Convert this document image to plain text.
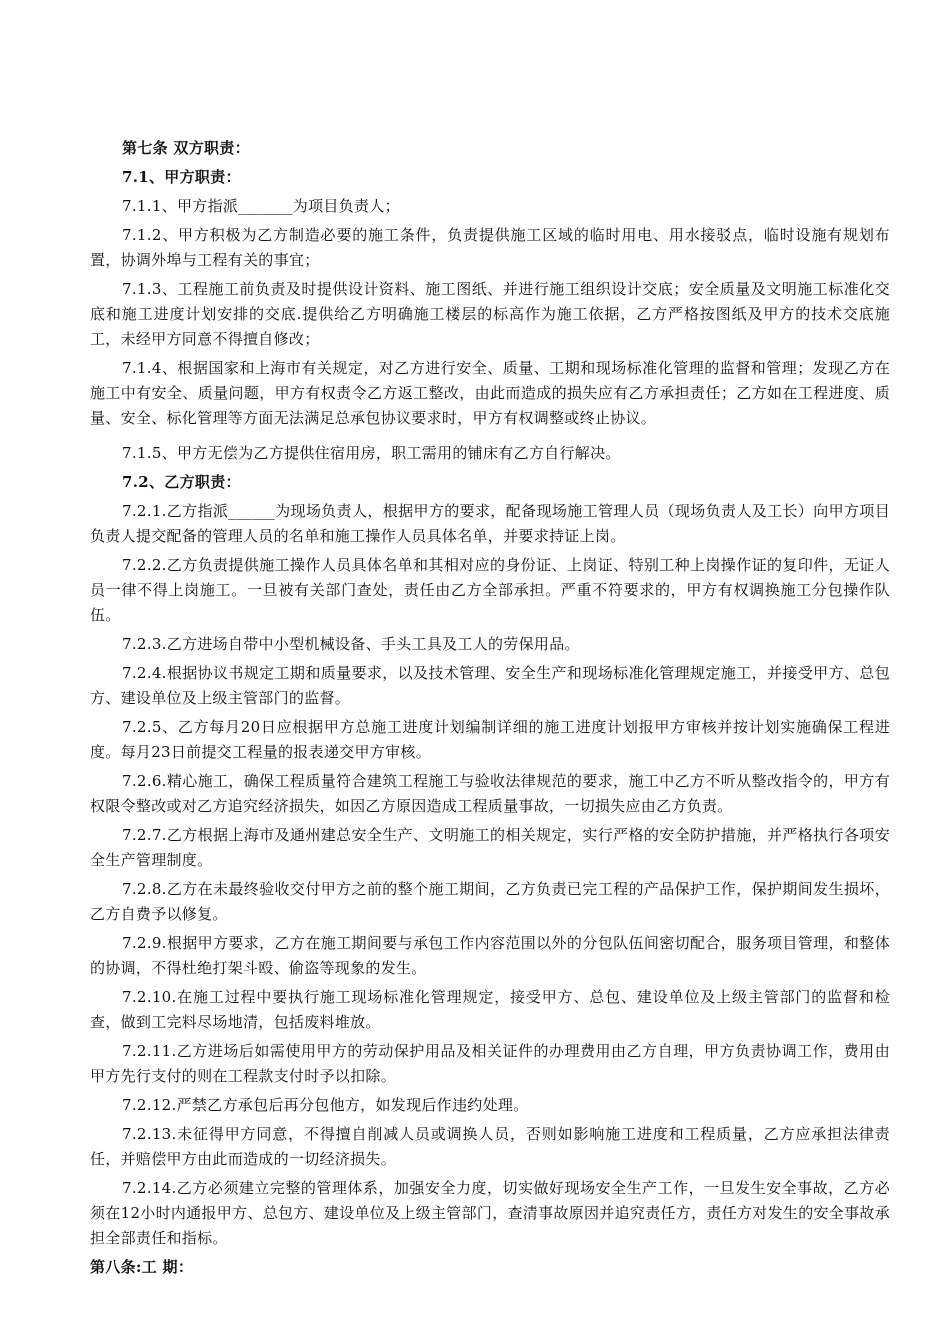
第七条 双方职责：

7.1、甲方职责：

7.1.1、甲方指派_______为项目负责人；

7.1.2、甲方积极为乙方制造必要的施工条件，负责提供施工区域的临时用电、用水接驳点，临时设施有规划布置，协调外埠与工程有关的事宜；

7.1.3、工程施工前负责及时提供设计资料、施工图纸、并进行施工组织设计交底；安全质量及文明施工标准化交底和施工进度计划安排的交底.提供给乙方明确施工楼层的标高作为施工依据，乙方严格按图纸及甲方的技术交底施工，未经甲方同意不得擅自修改；

7.1.4、根据国家和上海市有关规定，对乙方进行安全、质量、工期和现场标准化管理的监督和管理；发现乙方在施工中有安全、质量问题，甲方有权责令乙方返工整改，由此而造成的损失应有乙方承担责任；乙方如在工程进度、质量、安全、标化管理等方面无法满足总承包协议要求时，甲方有权调整或终止协议。

7.1.5、甲方无偿为乙方提供住宿用房，职工需用的铺床有乙方自行解决。

7.2、乙方职责：

7.2.1.乙方指派______为现场负责人，根据甲方的要求，配备现场施工管理人员（现场负责人及工长）向甲方项目负责人提交配备的管理人员的名单和施工操作人员具体名单，并要求持证上岗。

7.2.2.乙方负责提供施工操作人员具体名单和其相对应的身份证、上岗证、特别工种上岗操作证的复印件，无证人员一律不得上岗施工。一旦被有关部门查处，责任由乙方全部承担。严重不符要求的，甲方有权调换施工分包操作队伍。

7.2.3.乙方进场自带中小型机械设备、手头工具及工人的劳保用品。

7.2.4.根据协议书规定工期和质量要求，以及技术管理、安全生产和现场标准化管理规定施工，并接受甲方、总包方、建设单位及上级主管部门的监督。

7.2.5、乙方每月20日应根据甲方总施工进度计划编制详细的施工进度计划报甲方审核并按计划实施确保工程进度。每月23日前提交工程量的报表递交甲方审核。

7.2.6.精心施工，确保工程质量符合建筑工程施工与验收法律规范的要求，施工中乙方不听从整改指令的，甲方有权限令整改或对乙方追究经济损失，如因乙方原因造成工程质量事故，一切损失应由乙方负责。

7.2.7.乙方根据上海市及通州建总安全生产、文明施工的相关规定，实行严格的安全防护措施，并严格执行各项安全生产管理制度。

7.2.8.乙方在未最终验收交付甲方之前的整个施工期间，乙方负责已完工程的产品保护工作，保护期间发生损坏，乙方自费予以修复。

7.2.9.根据甲方要求，乙方在施工期间要与承包工作内容范围以外的分包队伍间密切配合，服务项目管理，和整体的协调，不得杜绝打架斗殴、偷盗等现象的发生。

7.2.10.在施工过程中要执行施工现场标准化管理规定，接受甲方、总包、建设单位及上级主管部门的监督和检查，做到工完料尽场地清，包括废料堆放。

7.2.11.乙方进场后如需使用甲方的劳动保护用品及相关证件的办理费用由乙方自理，甲方负责协调工作，费用由甲方先行支付的则在工程款支付时予以扣除。

7.2.12.严禁乙方承包后再分包他方，如发现后作违约处理。

7.2.13.未征得甲方同意，不得擅自削减人员或调换人员，否则如影响施工进度和工程质量，乙方应承担法律责任，并赔偿甲方由此而造成的一切经济损失。

7.2.14.乙方必须建立完整的管理体系，加强安全力度，切实做好现场安全生产工作，一旦发生安全事故，乙方必须在12小时内通报甲方、总包方、建设单位及上级主管部门，查清事故原因并追究责任方，责任方对发生的安全事故承担全部责任和指标。

第八条:工 期：
